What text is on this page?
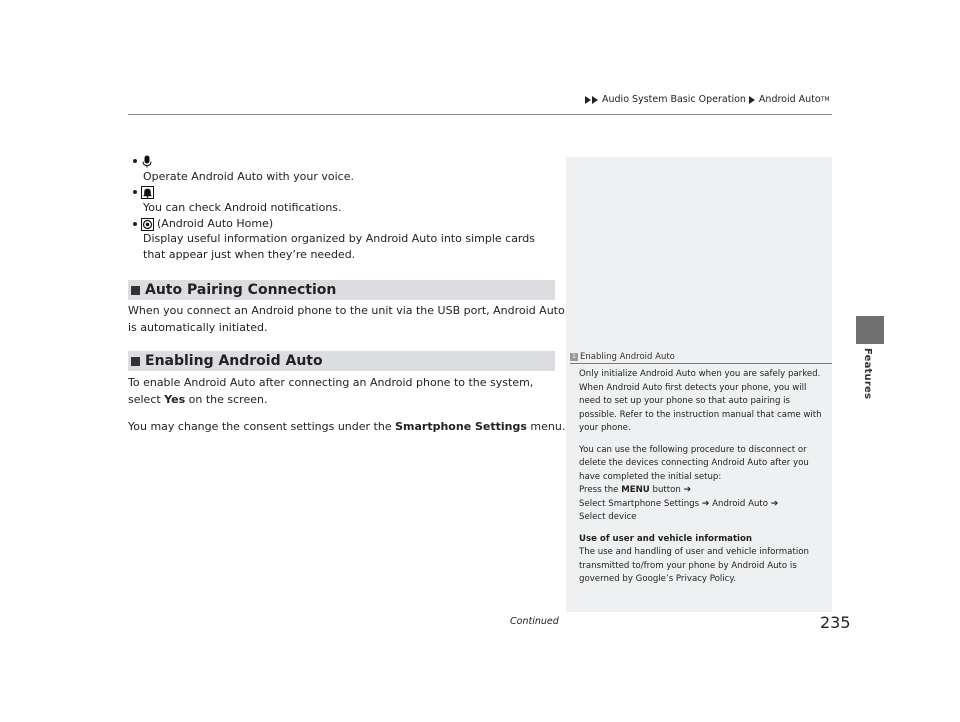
Audio System Basic Operation Android Auto TM
Features
Operate Android Auto with your voice.
You can check Android notifications.
(Android Auto Home)
Display useful information organized by Android Auto into simple cards that appear just when they’re needed.
Auto Pairing Connection
When you connect an Android phone to the unit via the USB port, Android Auto is automatically initiated.
Enabling Android Auto
To enable Android Auto after connecting an Android phone to the system, select Yes on the screen.
You may change the consent settings under the Smartphone Settings menu.
1 Enabling Android Auto

Only initialize Android Auto when you are safely parked. When Android Auto first detects your phone, you will need to set up your phone so that auto pairing is possible. Refer to the instruction manual that came with your phone.

You can use the following procedure to disconnect or delete the devices connecting Android Auto after you have completed the initial setup:

Press the MENU button ➔

Select Smartphone Settings ➔ Android Auto ➔

Select device

Use of user and vehicle information

The use and handling of user and vehicle information transmitted to/from your phone by Android Auto is governed by Google’s Privacy Policy.

Continued	235
